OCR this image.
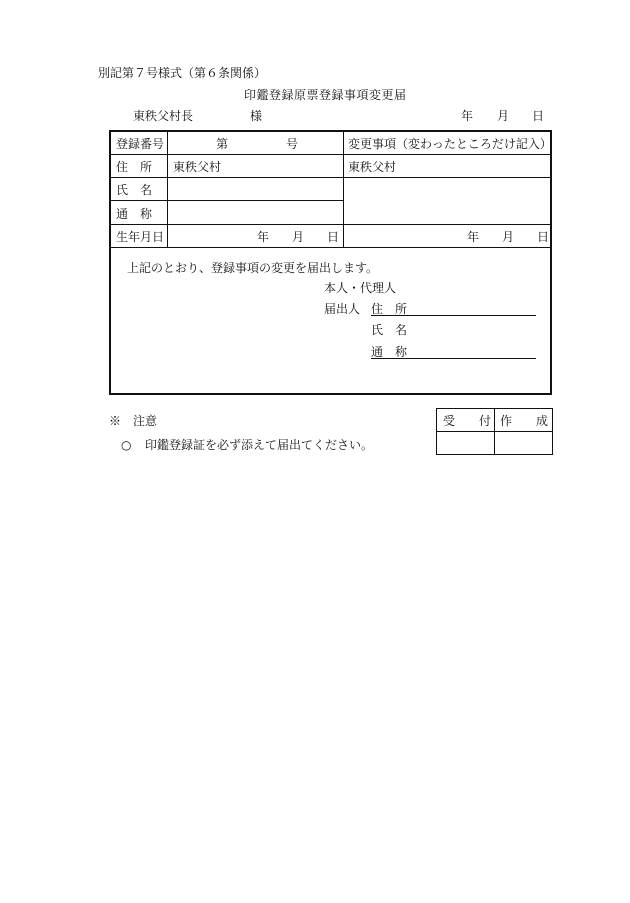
別記第７号様式（第６条関係）
印鑑登録原票登録事項変更届
東秩父村長	様	年 月 日
登録番号	第	号	変更事項（変わったところだけ記入）
住　所 東秩父村	東秩父村
氏　名
通　称
生年月日	年 月 日	年 月 日
上記のとおり、登録事項の変更を届出します。
本人・代理人
届出人 住　所
氏　名
通　称
※　注意
○ 印鑑登録証を必ず添えて届出てください。
受　　付 作　　成
